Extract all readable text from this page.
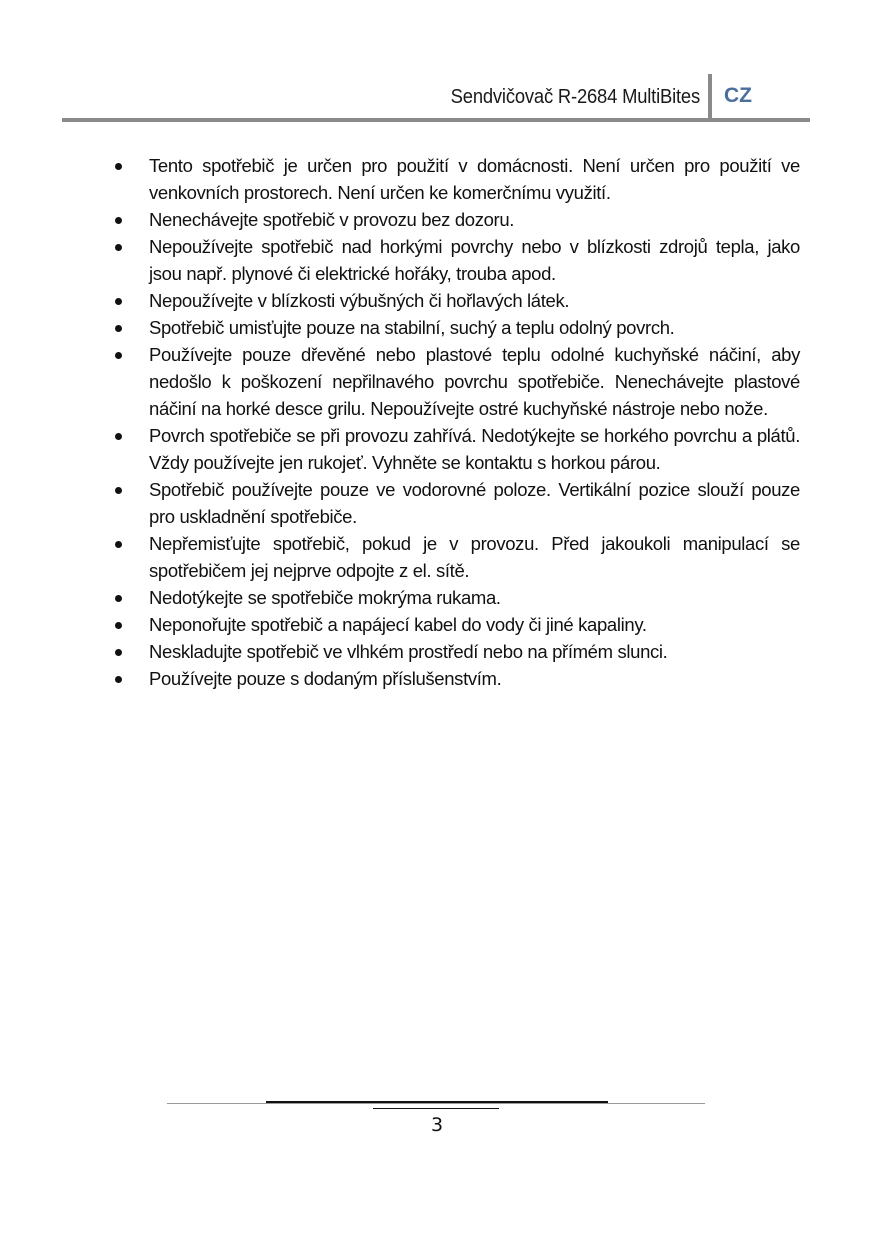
Sendvičovač R-2684 MultiBites CZ
Tento spotřebič je určen pro použití v domácnosti. Není určen pro použití ve venkovních prostorech. Není určen ke komerčnímu využití.
Nenechávejte spotřebič v provozu bez dozoru.
Nepoužívejte spotřebič nad horkými povrchy nebo v blízkosti zdrojů tepla, jako jsou např. plynové či elektrické hořáky, trouba apod.
Nepoužívejte v blízkosti výbušných či hořlavých látek.
Spotřebič umisťujte pouze na stabilní, suchý a teplu odolný povrch.
Používejte pouze dřevěné nebo plastové teplu odolné kuchyňské náčiní, aby nedošlo k poškození nepřilnavého povrchu spotřebiče. Nenechávejte plastové náčiní na horké desce grilu. Nepoužívejte ostré kuchyňské nástroje nebo nože.
Povrch spotřebiče se při provozu zahřívá. Nedotýkejte se horkého povrchu a plátů. Vždy používejte jen rukojeť. Vyhněte se kontaktu s horkou párou.
Spotřebič používejte pouze ve vodorovné poloze. Vertikální pozice slouží pouze pro uskladnění spotřebiče.
Nepřemisťujte spotřebič, pokud je v provozu. Před jakoukoli manipulací se spotřebičem jej nejprve odpojte z el. sítě.
Nedotýkejte se spotřebiče mokrýma rukama.
Neponořujte spotřebič a napájecí kabel do vody či jiné kapaliny.
Neskladujte spotřebič ve vlhkém prostředí nebo na přímém slunci.
Používejte pouze s dodaným příslušenstvím.
3
